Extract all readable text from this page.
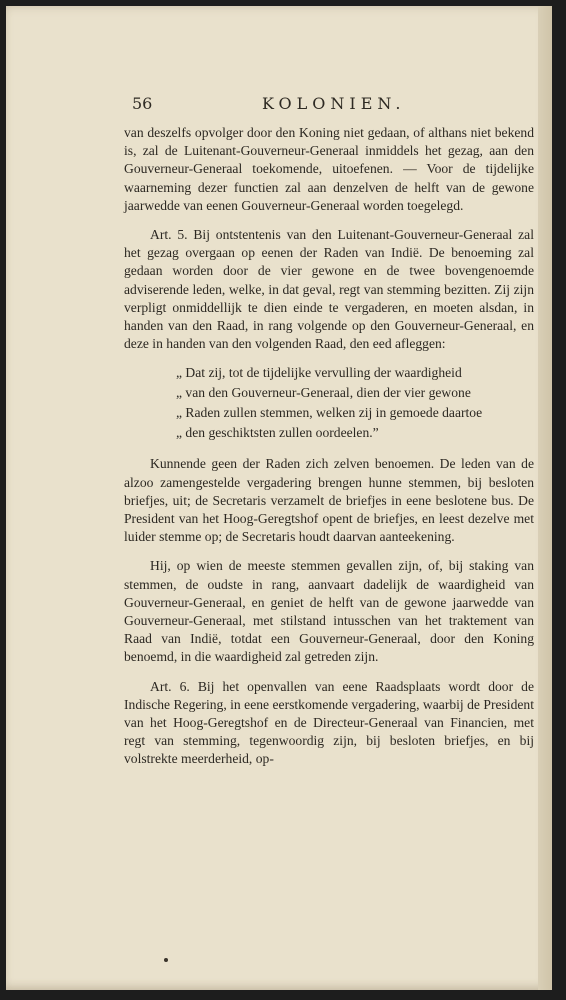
56	KOLONIEN.

van deszelfs opvolger door den Koning niet gedaan, of althans niet bekend is, zal de Luitenant-Gouverneur-Generaal inmiddels het gezag, aan den Gouverneur-Generaal toekomende, uitoefenen. — Voor de tijdelijke waarneming dezer functien zal aan denzelven de helft van de gewone jaarwedde van eenen Gouverneur-Generaal worden toegelegd.

Art. 5. Bij ontstentenis van den Luitenant-Gouverneur-Generaal zal het gezag overgaan op eenen der Raden van Indië. De benoeming zal gedaan worden door de vier gewone en de twee bovengenoemde adviserende leden, welke, in dat geval, regt van stemming bezitten. Zij zijn verpligt onmiddellijk te dien einde te vergaderen, en moeten alsdan, in handen van den Raad, in rang volgende op den Gouverneur-Generaal, en deze in handen van den volgenden Raad, den eed afleggen:

„ Dat zij, tot de tijdelijke vervulling der waardigheid
„ van den Gouverneur-Generaal, dien der vier gewone
„ Raden zullen stemmen, welken zij in gemoede daartoe
„ den geschiktsten zullen oordeelen.”

Kunnende geen der Raden zich zelven benoemen. De leden van de alzoo zamengestelde vergadering brengen hunne stemmen, bij besloten briefjes, uit; de Secretaris verzamelt de briefjes in eene beslotene bus. De President van het Hoog-Geregtshof opent de briefjes, en leest dezelve met luider stemme op; de Secretaris houdt daarvan aanteekening.

Hij, op wien de meeste stemmen gevallen zijn, of, bij staking van stemmen, de oudste in rang, aanvaart dadelijk de waardigheid van Gouverneur-Generaal, en geniet de helft van de gewone jaarwedde van Gouverneur-Generaal, met stilstand intusschen van het traktement van Raad van Indië, totdat een Gouverneur-Generaal, door den Koning benoemd, in die waardigheid zal getreden zijn.

Art. 6. Bij het openvallen van eene Raadsplaats wordt door de Indische Regering, in eene eerstkomende vergadering, waarbij de President van het Hoog-Geregtshof en de Directeur-Generaal van Financien, met regt van stemming, tegenwoordig zijn, bij besloten briefjes, en bij volstrekte meerderheid, op-
